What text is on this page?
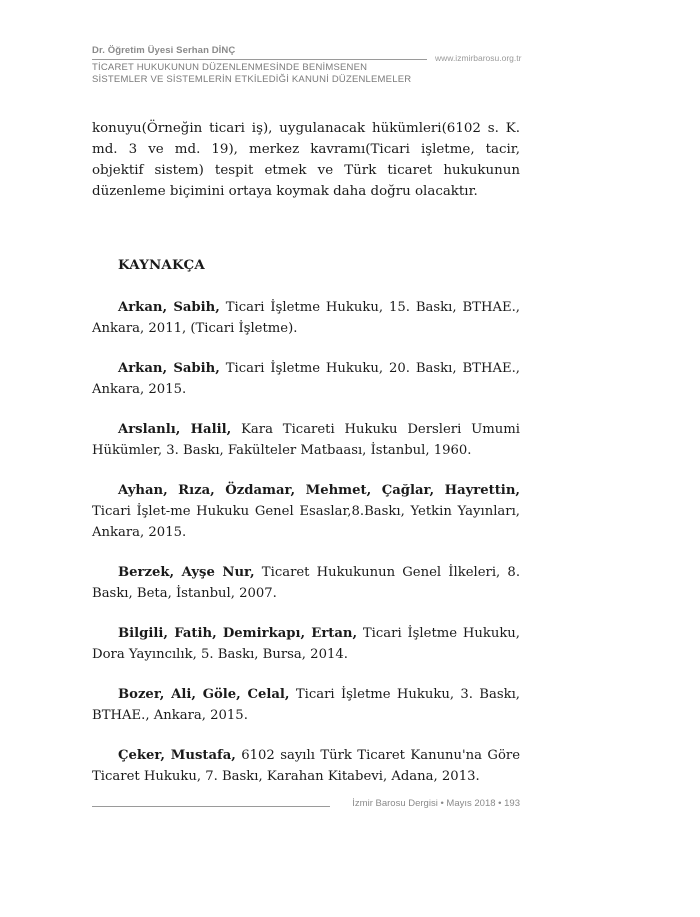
Dr. Öğretim Üyesi Serhan DİNÇ
www.izmirbarosu.org.tr
TİCARET HUKUKUNUN DÜZENLENMESİNDE BENİMSENEN
SİSTEMLER VE SİSTEMLERİN ETKİLEDİĞİ KANUNİ DÜZENLEMELER

konuyu(Örneğin ticari iş), uygulanacak hükümleri(6102 s. K. md. 3 ve md. 19), merkez kavramı(Ticari işletme, tacir, objektif sistem) tespit etmek ve Türk ticaret hukukunun düzenleme biçimini ortaya koymak daha doğru olacaktır.

KAYNAKÇA

Arkan, Sabih, Ticari İşletme Hukuku, 15. Baskı, BTHAE., Ankara, 2011, (Ticari İşletme).

Arkan, Sabih, Ticari İşletme Hukuku, 20. Baskı, BTHAE., Ankara, 2015.

Arslanlı, Halil, Kara Ticareti Hukuku Dersleri Umumi Hükümler, 3. Baskı, Fakülteler Matbaası, İstanbul, 1960.

Ayhan, Rıza, Özdamar, Mehmet, Çağlar, Hayrettin, Ticari İşlet-me Hukuku Genel Esaslar,8.Baskı, Yetkin Yayınları, Ankara, 2015.

Berzek, Ayşe Nur, Ticaret Hukukunun Genel İlkeleri, 8. Baskı, Beta, İstanbul, 2007.

Bilgili, Fatih, Demirkapı, Ertan, Ticari İşletme Hukuku, Dora Yayıncılık, 5. Baskı, Bursa, 2014.

Bozer, Ali, Göle, Celal, Ticari İşletme Hukuku, 3. Baskı, BTHAE., Ankara, 2015.

Çeker, Mustafa, 6102 sayılı Türk Ticaret Kanunu'na Göre Ticaret Hukuku, 7. Baskı, Karahan Kitabevi, Adana, 2013.

İzmir Barosu Dergisi • Mayıs 2018 • 193
